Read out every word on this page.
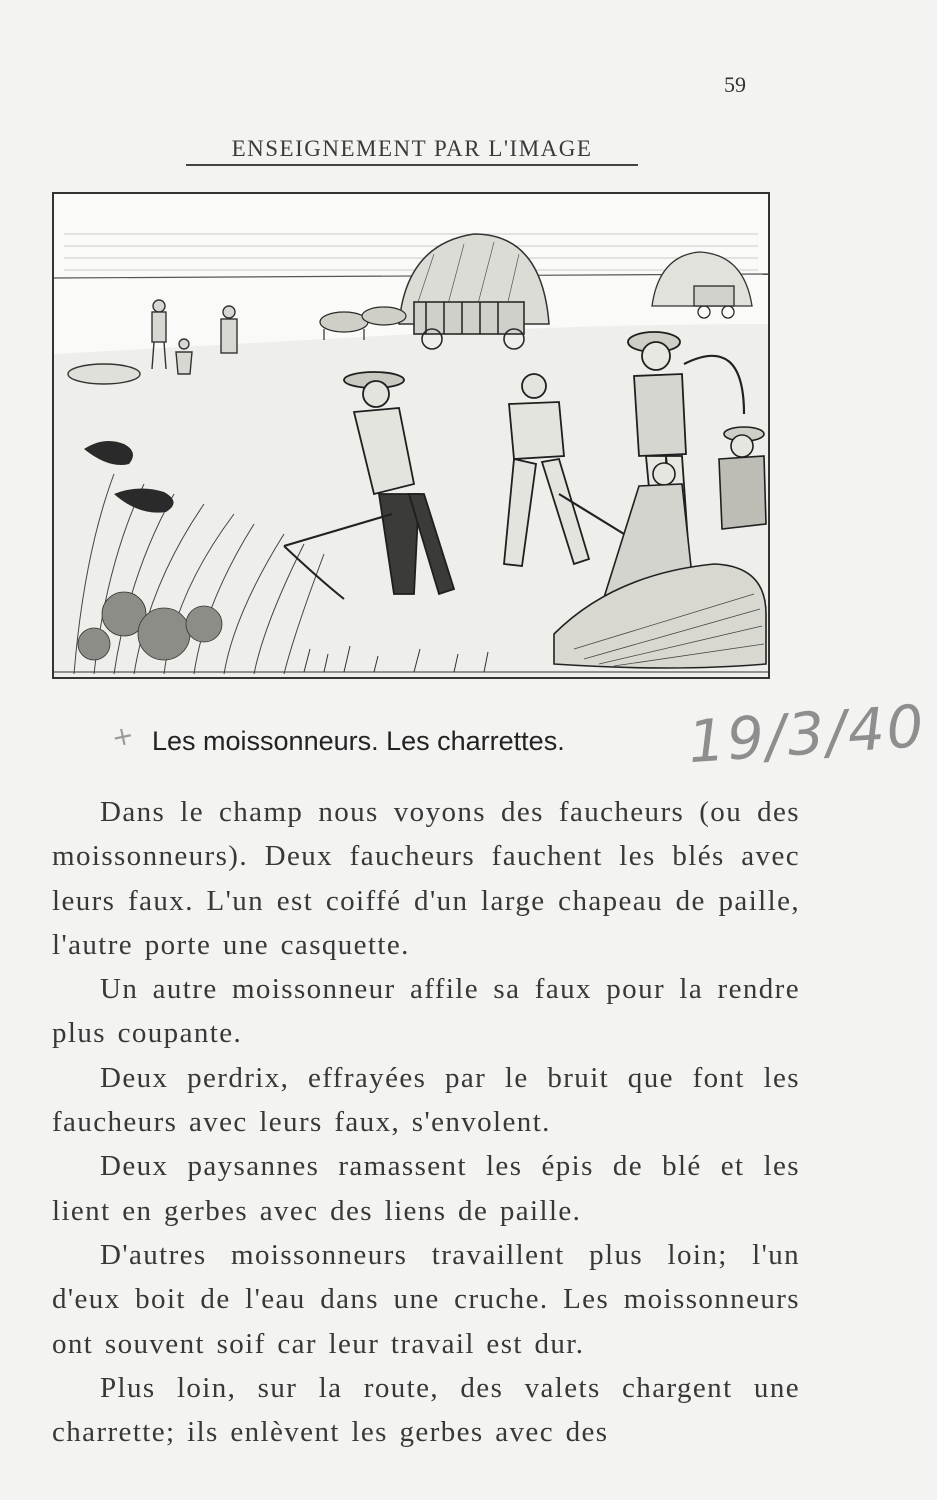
59
ENSEIGNEMENT PAR L'IMAGE
+ Les moissonneurs. Les charrettes. 19/3/40

Dans le champ nous voyons des faucheurs (ou des moissonneurs). Deux faucheurs fauchent les blés avec leurs faux. L'un est coiffé d'un large chapeau de paille, l'autre porte une casquette.

Un autre moissonneur affile sa faux pour la rendre plus coupante.

Deux perdrix, effrayées par le bruit que font les faucheurs avec leurs faux, s'envolent.

Deux paysannes ramassent les épis de blé et les lient en gerbes avec des liens de paille.

D'autres moissonneurs travaillent plus loin; l'un d'eux boit de l'eau dans une cruche. Les moissonneurs ont souvent soif car leur travail est dur.

Plus loin, sur la route, des valets chargent une charrette; ils enlèvent les gerbes avec des
